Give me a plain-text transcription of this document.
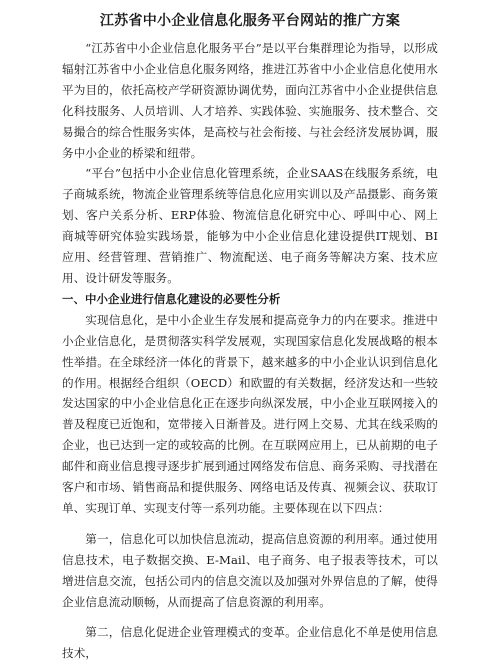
江苏省中小企业信息化服务平台网站的推广方案

“江苏省中小企业信息化服务平台”是以平台集群理论为指导，以形成辐射江苏省中小企业信息化服务网络，推进江苏省中小企业信息化使用水平为目的，依托高校产学研资源协调优势，面向江苏省中小企业提供信息化科技服务、人员培训、人才培养、实践体验、实施服务、技术整合、交易撮合的综合性服务实体，是高校与社会衔接、与社会经济发展协调，服务中小企业的桥梁和纽带。

“平台”包括中小企业信息化管理系统，企业SAAS在线服务系统，电子商城系统，物流企业管理系统等信息化应用实训以及产品摄影、商务策划、客户关系分析、ERP体验、物流信息化研究中心、呼叫中心、网上商城等研究体验实践场景，能够为中小企业信息化建设提供IT规划、BI应用、经营管理、营销推广、物流配送、电子商务等解决方案、技术应用、设计研发等服务。

一、中小企业进行信息化建设的必要性分析

实现信息化，是中小企业生存发展和提高竞争力的内在要求。推进中小企业信息化，是贯彻落实科学发展观，实现国家信息化发展战略的根本性举措。在全球经济一体化的背景下，越来越多的中小企业认识到信息化的作用。根据经合组织（OECD）和欧盟的有关数据，经济发达和一些较发达国家的中小企业信息化正在逐步向纵深发展，中小企业互联网接入的普及程度已近饱和，宽带接入日渐普及。进行网上交易、尤其在线采购的企业，也已达到一定的或较高的比例。在互联网应用上，已从前期的电子邮件和商业信息搜寻逐步扩展到通过网络发布信息、商务采购、寻找潜在客户和市场、销售商品和提供服务、网络电话及传真、视频会议、获取订单、实现订单、实现支付等一系列功能。主要体现在以下四点：

第一，信息化可以加快信息流动，提高信息资源的利用率。通过使用信息技术，电子数据交换、E-Mail、电子商务、电子报表等技术，可以增进信息交流，包括公司内的信息交流以及加强对外界信息的了解，使得企业信息流动顺畅，从而提高了信息资源的利用率。

第二，信息化促进企业管理模式的变革。企业信息化不单是使用信息技术，
